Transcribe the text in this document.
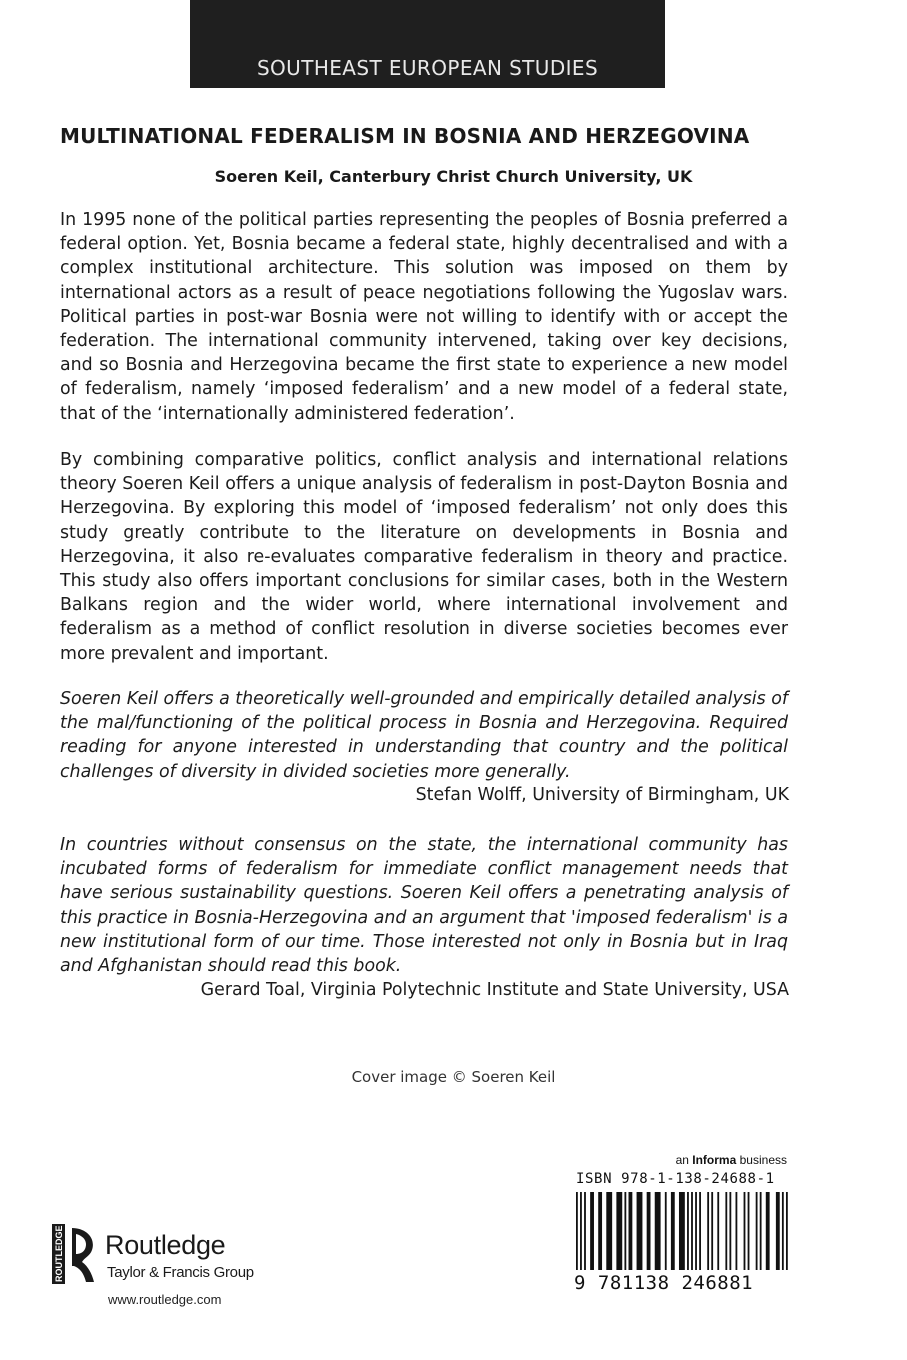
SOUTHEAST EUROPEAN STUDIES
MULTINATIONAL FEDERALISM IN BOSNIA AND HERZEGOVINA
Soeren Keil, Canterbury Christ Church University, UK

In 1995 none of the political parties representing the peoples of Bosnia preferred a federal option. Yet, Bosnia became a federal state, highly decentralised and with a complex institutional architecture. This solution was imposed on them by international actors as a result of peace negotiations following the Yugoslav wars. Political parties in post-war Bosnia were not willing to identify with or accept the federation. The international community intervened, taking over key decisions, and so Bosnia and Herzegovina became the first state to experience a new model of federalism, namely ‘imposed federalism’ and a new model of a federal state, that of the ‘internationally administered federation’.

By combining comparative politics, conflict analysis and international relations theory Soeren Keil offers a unique analysis of federalism in post-Dayton Bosnia and Herzegovina. By exploring this model of ‘imposed federalism’ not only does this study greatly contribute to the literature on developments in Bosnia and Herzegovina, it also re-evaluates comparative federalism in theory and practice. This study also offers important conclusions for similar cases, both in the Western Balkans region and the wider world, where international involvement and federalism as a method of conflict resolution in diverse societies becomes ever more prevalent and important.

Soeren Keil offers a theoretically well-grounded and empirically detailed analysis of the mal/functioning of the political process in Bosnia and Herzegovina. Required reading for anyone interested in understanding that country and the political challenges of diversity in divided societies more generally.

Stefan Wolff, University of Birmingham, UK

In countries without consensus on the state, the international community has incubated forms of federalism for immediate conflict management needs that have serious sustainability questions. Soeren Keil offers a penetrating analysis of this practice in Bosnia-Herzegovina and an argument that 'imposed federalism' is a new institutional form of our time. Those interested not only in Bosnia but in Iraq and Afghanistan should read this book.

Gerard Toal, Virginia Polytechnic Institute and State University, USA
Cover image © Soeren Keil
an Informa business
ISBN 978-1-138-24688-1
9 781138 246881
ROUTLEDGE Routledge
Taylor & Francis Group
www.routledge.com
